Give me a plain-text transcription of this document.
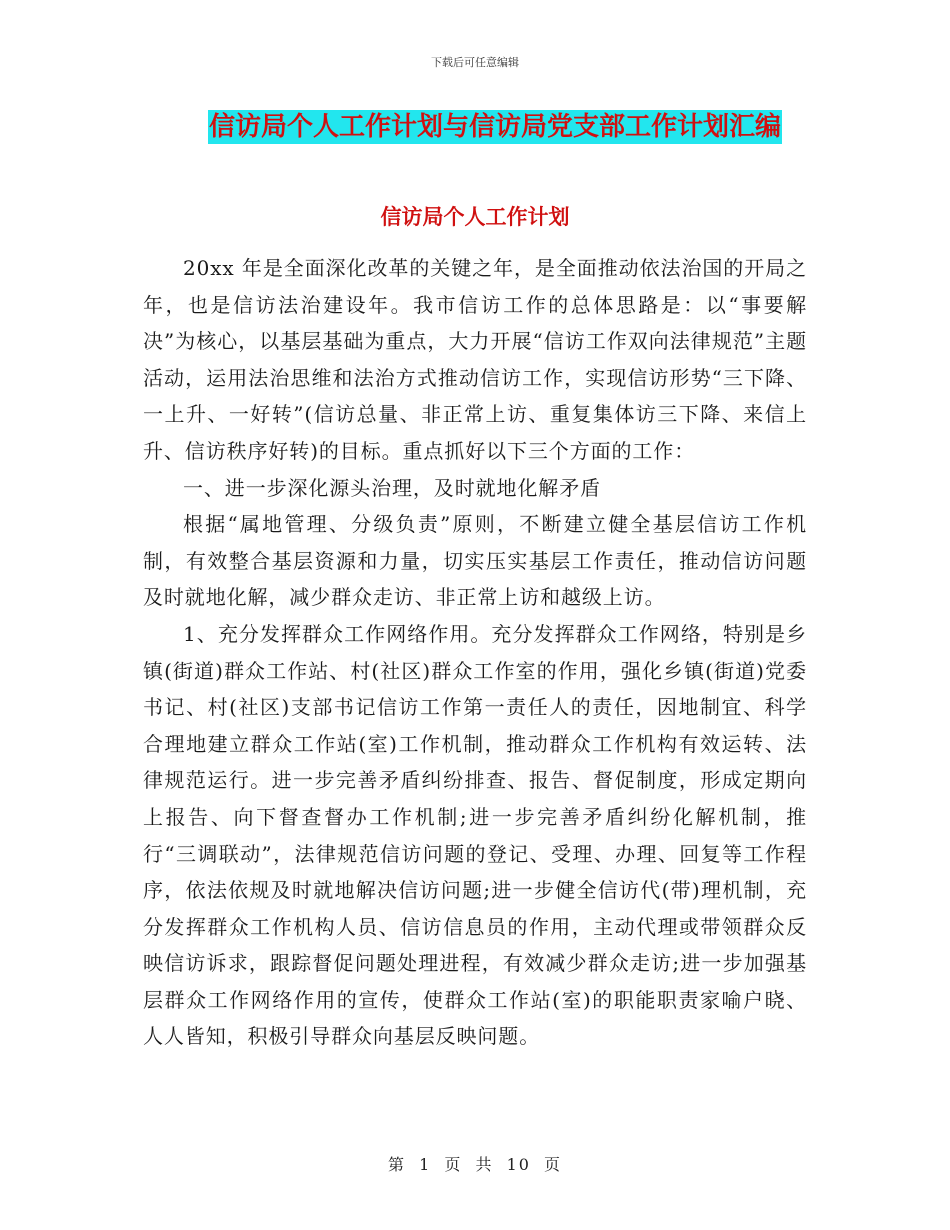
下载后可任意编辑
信访局个人工作计划与信访局党支部工作计划汇编
信访局个人工作计划

20xx 年是全面深化改革的关键之年，是全面推动依法治国的开局之年，也是信访法治建设年。我市信访工作的总体思路是：以“事要解决”为核心，以基层基础为重点，大力开展“信访工作双向法律规范”主题活动，运用法治思维和法治方式推动信访工作，实现信访形势“三下降、一上升、一好转”(信访总量、非正常上访、重复集体访三下降、来信上升、信访秩序好转)的目标。重点抓好以下三个方面的工作：

一、进一步深化源头治理，及时就地化解矛盾

根据“属地管理、分级负责”原则，不断建立健全基层信访工作机制，有效整合基层资源和力量，切实压实基层工作责任，推动信访问题及时就地化解，减少群众走访、非正常上访和越级上访。

1、充分发挥群众工作网络作用。充分发挥群众工作网络，特别是乡镇(街道)群众工作站、村(社区)群众工作室的作用，强化乡镇(街道)党委书记、村(社区)支部书记信访工作第一责任人的责任，因地制宜、科学合理地建立群众工作站(室)工作机制，推动群众工作机构有效运转、法律规范运行。进一步完善矛盾纠纷排查、报告、督促制度，形成定期向上报告、向下督查督办工作机制;进一步完善矛盾纠纷化解机制，推行“三调联动”，法律规范信访问题的登记、受理、办理、回复等工作程序，依法依规及时就地解决信访问题;进一步健全信访代(带)理机制，充分发挥群众工作机构人员、信访信息员的作用，主动代理或带领群众反映信访诉求，跟踪督促问题处理进程，有效减少群众走访;进一步加强基层群众工作网络作用的宣传，使群众工作站(室)的职能职责家喻户晓、人人皆知，积极引导群众向基层反映问题。

第 1 页 共 10 页
